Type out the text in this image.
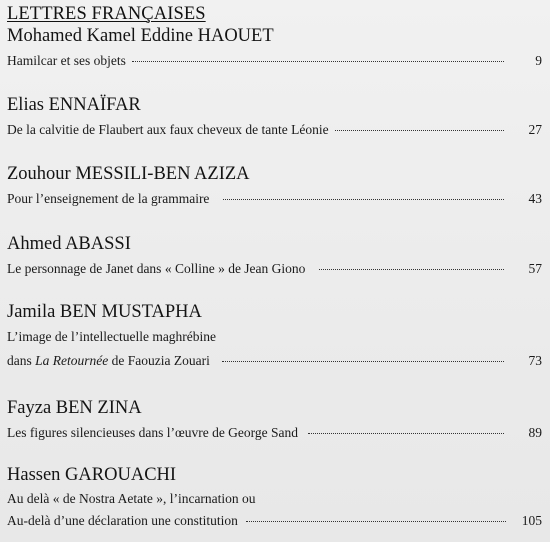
LETTRES FRANÇAISES
Mohamed Kamel Eddine HAOUET
Hamilcar et ses objets	9
Elias ENNAÏFAR
De la calvitie de Flaubert aux faux cheveux de tante Léonie	27
Zouhour MESSILI-BEN AZIZA
Pour l’enseignement de la grammaire	43
Ahmed ABASSI
Le personnage de Janet dans « Colline » de Jean Giono	57
Jamila BEN MUSTAPHA
L’image de l’intellectuelle maghrébine
dans La Retournée de Faouzia Zouari	73
Fayza BEN ZINA
Les figures silencieuses dans l’œuvre de George Sand	89
Hassen GAROUACHI
Au delà « de Nostra Aetate », l’incarnation ou
Au-delà d’une déclaration une constitution	105
